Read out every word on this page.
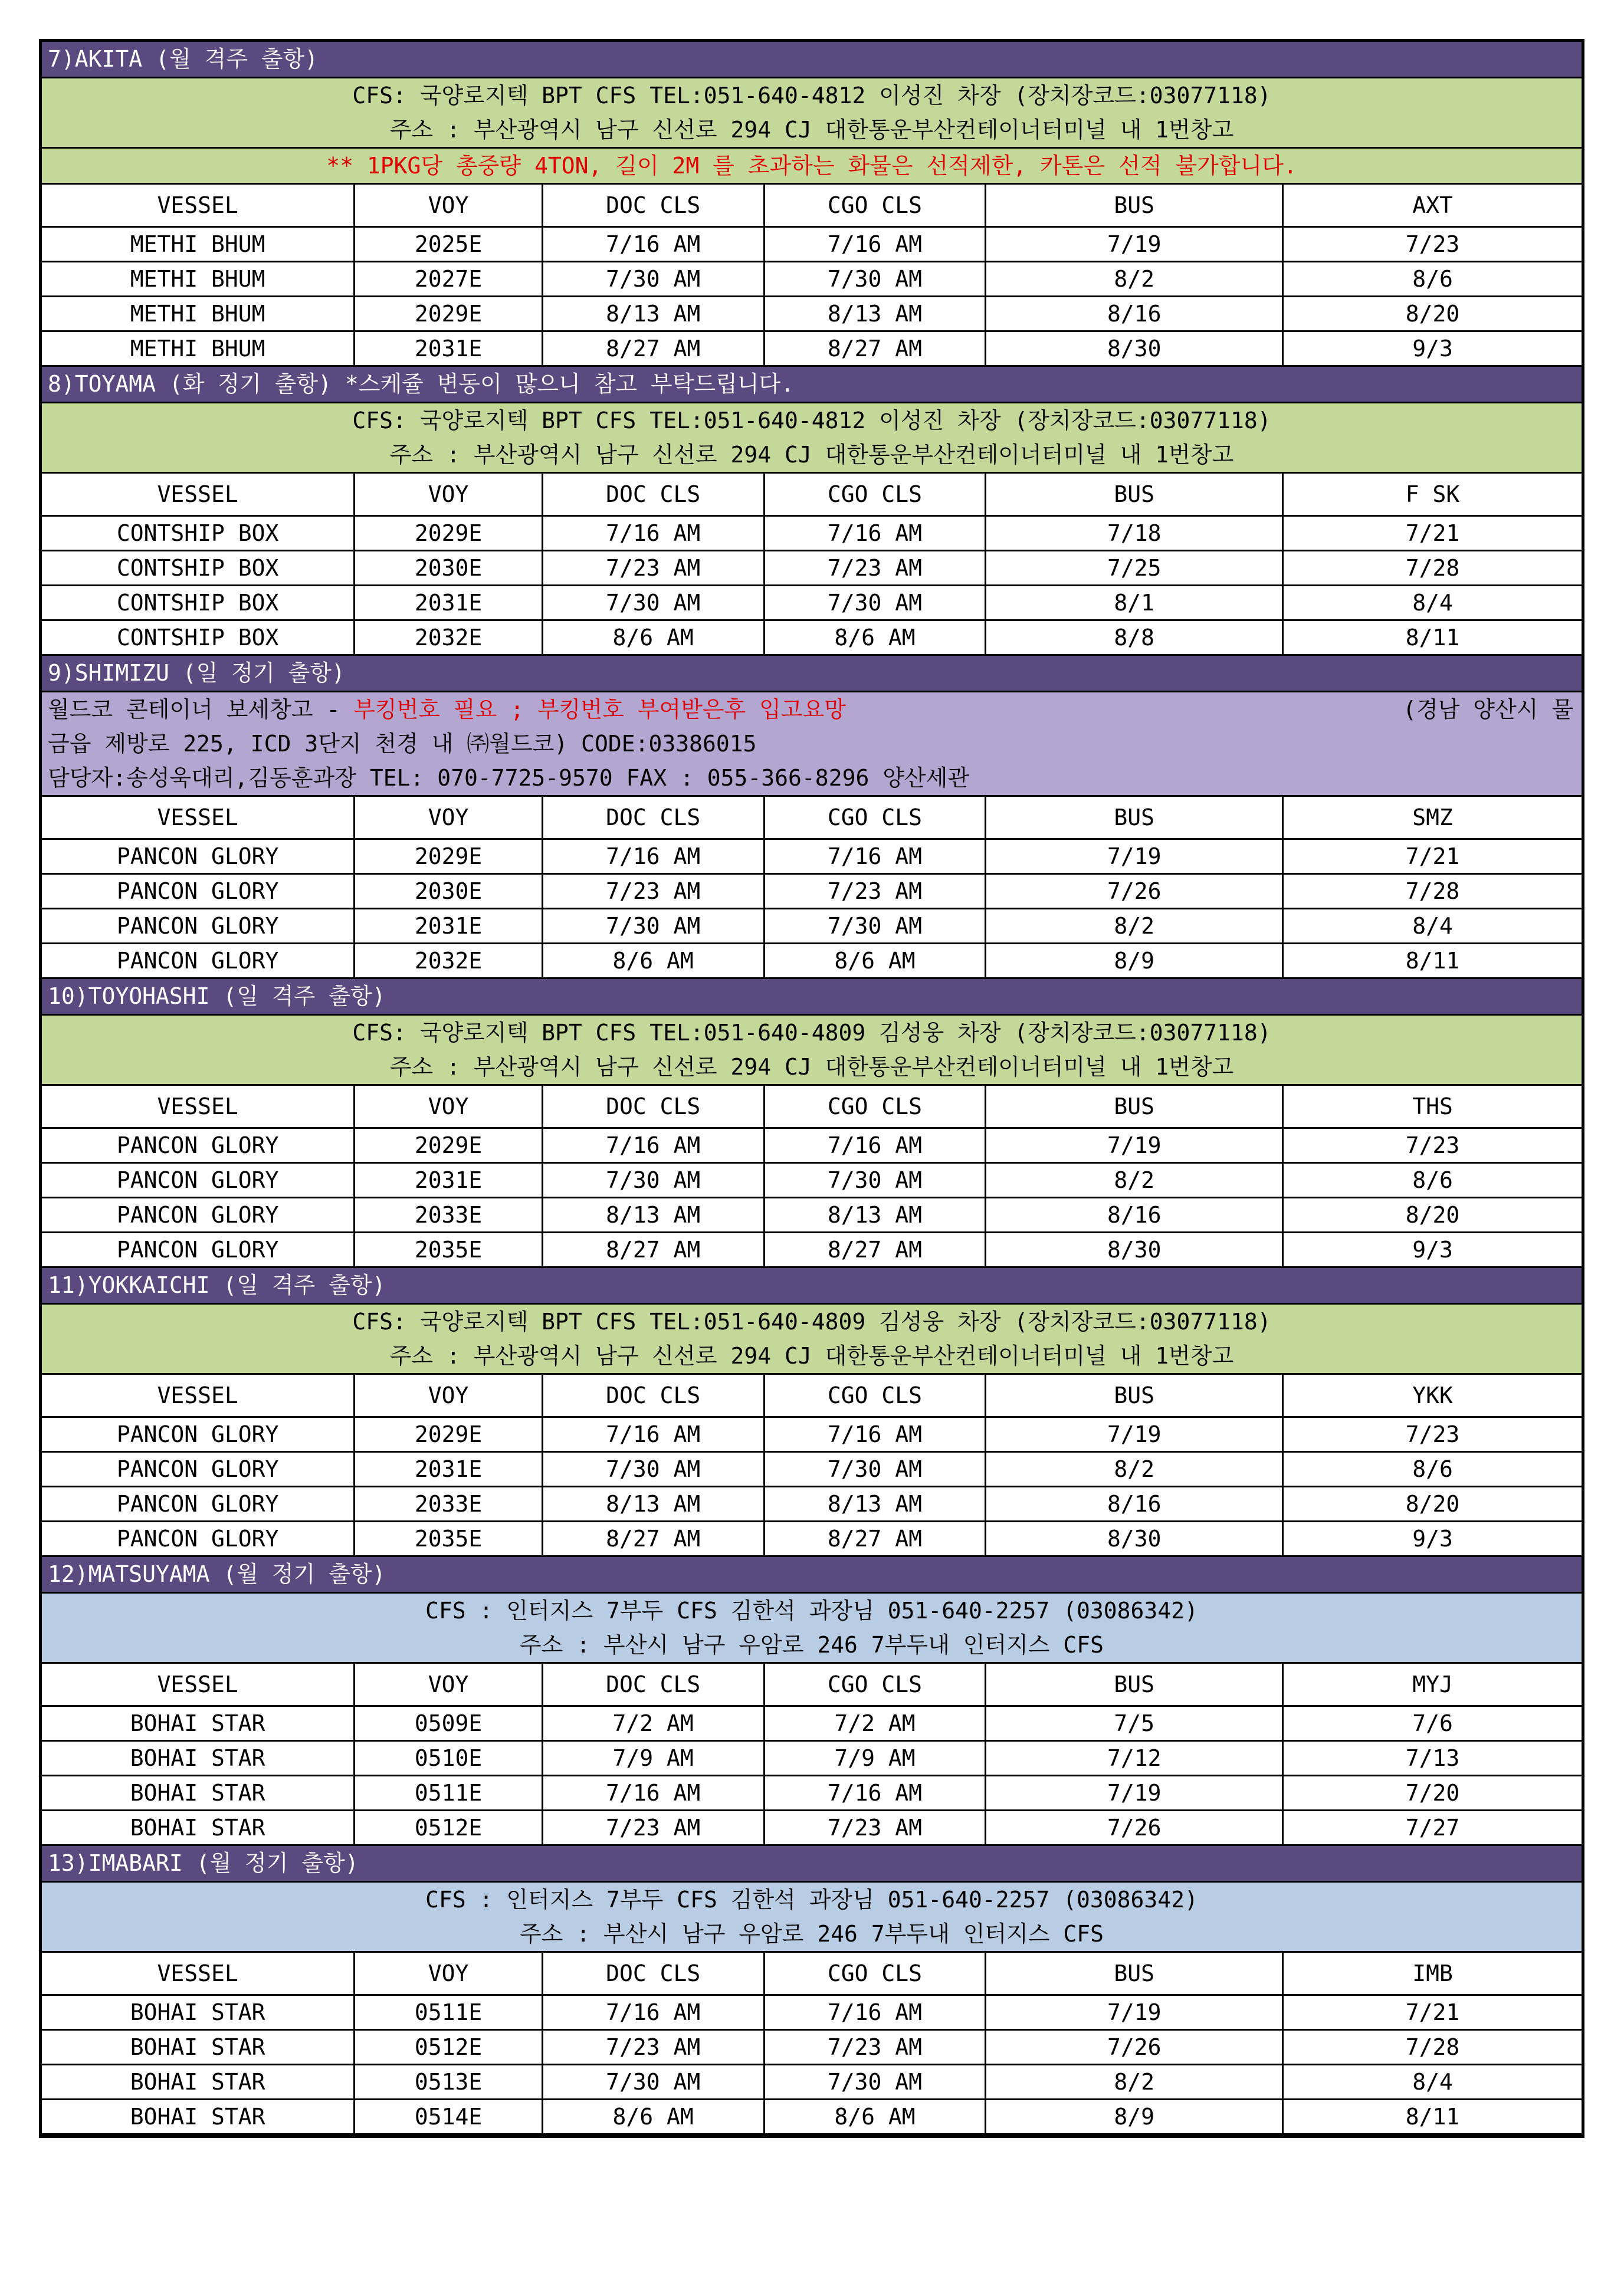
7)AKITA (월 격주 출항)
CFS: 국양로지텍 BPT CFS TEL:051-640-4812 이성진 차장 (장치장코드:03077118)
주소 : 부산광역시 남구 신선로 294 CJ 대한통운부산컨테이너터미널 내 1번창고
** 1PKG당 총중량 4TON, 길이 2M 를 초과하는 화물은 선적제한, 카톤은 선적 불가합니다.
VESSEL	VOY	DOC CLS	CGO CLS	BUS	AXT
METHI BHUM	2025E	7/16 AM	7/16 AM	7/19	7/23
METHI BHUM	2027E	7/30 AM	7/30 AM	8/2	8/6
METHI BHUM	2029E	8/13 AM	8/13 AM	8/16	8/20
METHI BHUM	2031E	8/27 AM	8/27 AM	8/30	9/3
8)TOYAMA (화 정기 출항) *스케쥴 변동이 많으니 참고 부탁드립니다.
CFS: 국양로지텍 BPT CFS TEL:051-640-4812 이성진 차장 (장치장코드:03077118)
주소 : 부산광역시 남구 신선로 294 CJ 대한통운부산컨테이너터미널 내 1번창고
VESSEL	VOY	DOC CLS	CGO CLS	BUS	F SK
CONTSHIP BOX	2029E	7/16 AM	7/16 AM	7/18	7/21
CONTSHIP BOX	2030E	7/23 AM	7/23 AM	7/25	7/28
CONTSHIP BOX	2031E	7/30 AM	7/30 AM	8/1	8/4
CONTSHIP BOX	2032E	8/6 AM	8/6 AM	8/8	8/11
9)SHIMIZU (일 정기 출항)
월드코 콘테이너 보세창고 - 부킹번호 필요 ; 부킹번호 부여받은후 입고요망	(경남 양산시 물
금읍 제방로 225, ICD 3단지 천경 내 ㈜월드코) CODE:03386015
담당자:송성욱대리,김동훈과장 TEL: 070-7725-9570 FAX : 055-366-8296 양산세관
VESSEL	VOY	DOC CLS	CGO CLS	BUS	SMZ
PANCON GLORY	2029E	7/16 AM	7/16 AM	7/19	7/21
PANCON GLORY	2030E	7/23 AM	7/23 AM	7/26	7/28
PANCON GLORY	2031E	7/30 AM	7/30 AM	8/2	8/4
PANCON GLORY	2032E	8/6 AM	8/6 AM	8/9	8/11
10)TOYOHASHI (일 격주 출항)
CFS: 국양로지텍 BPT CFS TEL:051-640-4809 김성웅 차장 (장치장코드:03077118)
주소 : 부산광역시 남구 신선로 294 CJ 대한통운부산컨테이너터미널 내 1번창고
VESSEL	VOY	DOC CLS	CGO CLS	BUS	THS
PANCON GLORY	2029E	7/16 AM	7/16 AM	7/19	7/23
PANCON GLORY	2031E	7/30 AM	7/30 AM	8/2	8/6
PANCON GLORY	2033E	8/13 AM	8/13 AM	8/16	8/20
PANCON GLORY	2035E	8/27 AM	8/27 AM	8/30	9/3
11)YOKKAICHI (일 격주 출항)
CFS: 국양로지텍 BPT CFS TEL:051-640-4809 김성웅 차장 (장치장코드:03077118)
주소 : 부산광역시 남구 신선로 294 CJ 대한통운부산컨테이너터미널 내 1번창고
VESSEL	VOY	DOC CLS	CGO CLS	BUS	YKK
PANCON GLORY	2029E	7/16 AM	7/16 AM	7/19	7/23
PANCON GLORY	2031E	7/30 AM	7/30 AM	8/2	8/6
PANCON GLORY	2033E	8/13 AM	8/13 AM	8/16	8/20
PANCON GLORY	2035E	8/27 AM	8/27 AM	8/30	9/3
12)MATSUYAMA (월 정기 출항)
CFS : 인터지스 7부두 CFS 김한석 과장님 051-640-2257 (03086342)
주소 : 부산시 남구 우암로 246 7부두내 인터지스 CFS
VESSEL	VOY	DOC CLS	CGO CLS	BUS	MYJ
BOHAI STAR	0509E	7/2 AM	7/2 AM	7/5	7/6
BOHAI STAR	0510E	7/9 AM	7/9 AM	7/12	7/13
BOHAI STAR	0511E	7/16 AM	7/16 AM	7/19	7/20
BOHAI STAR	0512E	7/23 AM	7/23 AM	7/26	7/27
13)IMABARI (월 정기 출항)
CFS : 인터지스 7부두 CFS 김한석 과장님 051-640-2257 (03086342)
주소 : 부산시 남구 우암로 246 7부두내 인터지스 CFS
VESSEL	VOY	DOC CLS	CGO CLS	BUS	IMB
BOHAI STAR	0511E	7/16 AM	7/16 AM	7/19	7/21
BOHAI STAR	0512E	7/23 AM	7/23 AM	7/26	7/28
BOHAI STAR	0513E	7/30 AM	7/30 AM	8/2	8/4
BOHAI STAR	0514E	8/6 AM	8/6 AM	8/9	8/11
